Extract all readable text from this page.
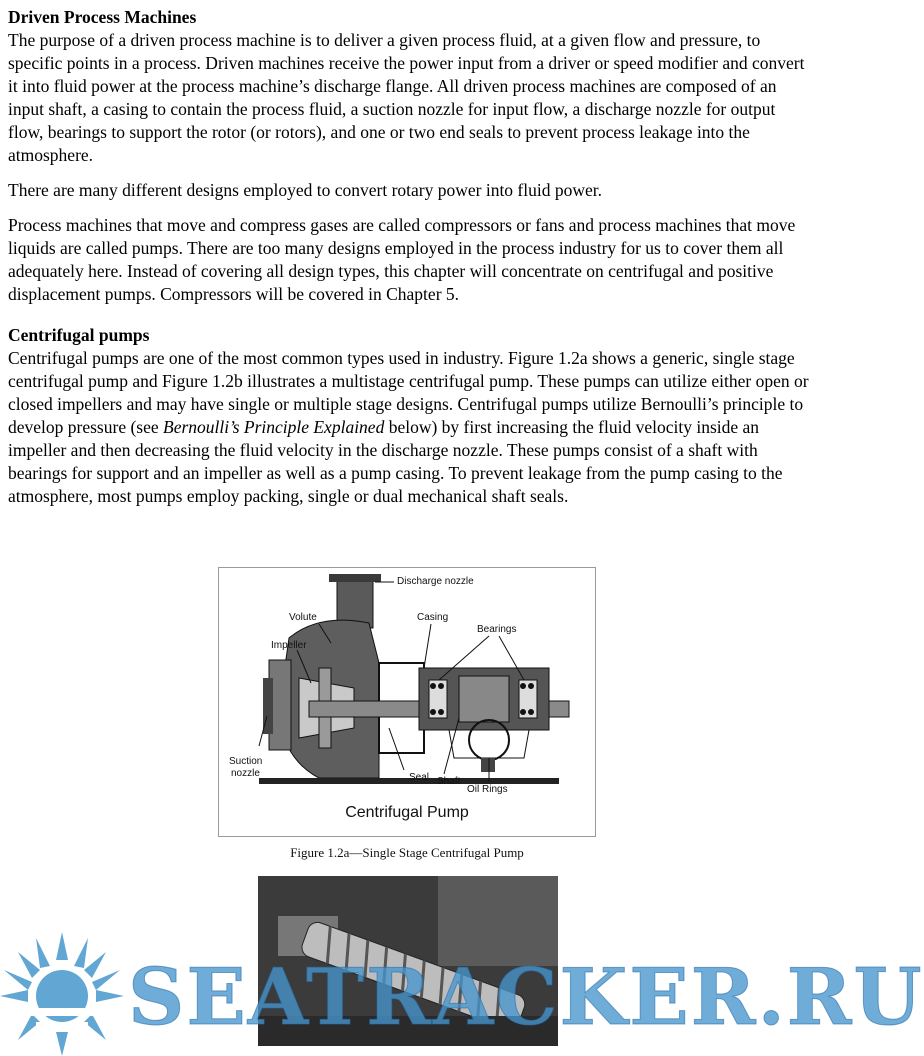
Driven Process Machines

The purpose of a driven process machine is to deliver a given process fluid, at a given flow and pressure, to specific points in a process. Driven machines receive the power input from a driver or speed modifier and convert it into fluid power at the process machine’s discharge flange. All driven process machines are composed of an input shaft, a casing to contain the process fluid, a suction nozzle for input flow, a discharge nozzle for output flow, bearings to support the rotor (or rotors), and one or two end seals to prevent process leakage into the atmosphere.

There are many different designs employed to convert rotary power into fluid power.

Process machines that move and compress gases are called compressors or fans and process machines that move liquids are called pumps. There are too many designs employed in the process industry for us to cover them all adequately here. Instead of covering all design types, this chapter will concentrate on centrifugal and positive displacement pumps. Compressors will be covered in Chapter 5.

Centrifugal pumps

Centrifugal pumps are one of the most common types used in industry. Figure 1.2a shows a generic, single stage centrifugal pump and Figure 1.2b illustrates a multistage centrifugal pump. These pumps can utilize either open or closed impellers and may have single or multiple stage designs. Centrifugal pumps utilize Bernoulli’s principle to develop pressure (see Bernoulli’s Principle Explained below) by first increasing the fluid velocity inside an impeller and then decreasing the fluid velocity in the discharge nozzle. These pumps consist of a shaft with bearings for support and an impeller as well as a pump casing. To prevent leakage from the pump casing to the atmosphere, most pumps employ packing, single or dual mechanical shaft seals.

Discharge nozzle
Volute	Casing
Impeller
Bearings
Suction
nozzle	Seal Shaft
Oil Rings
Centrifugal Pump
Figure 1.2a—Single Stage Centrifugal Pump
SEATRACKER.RU
